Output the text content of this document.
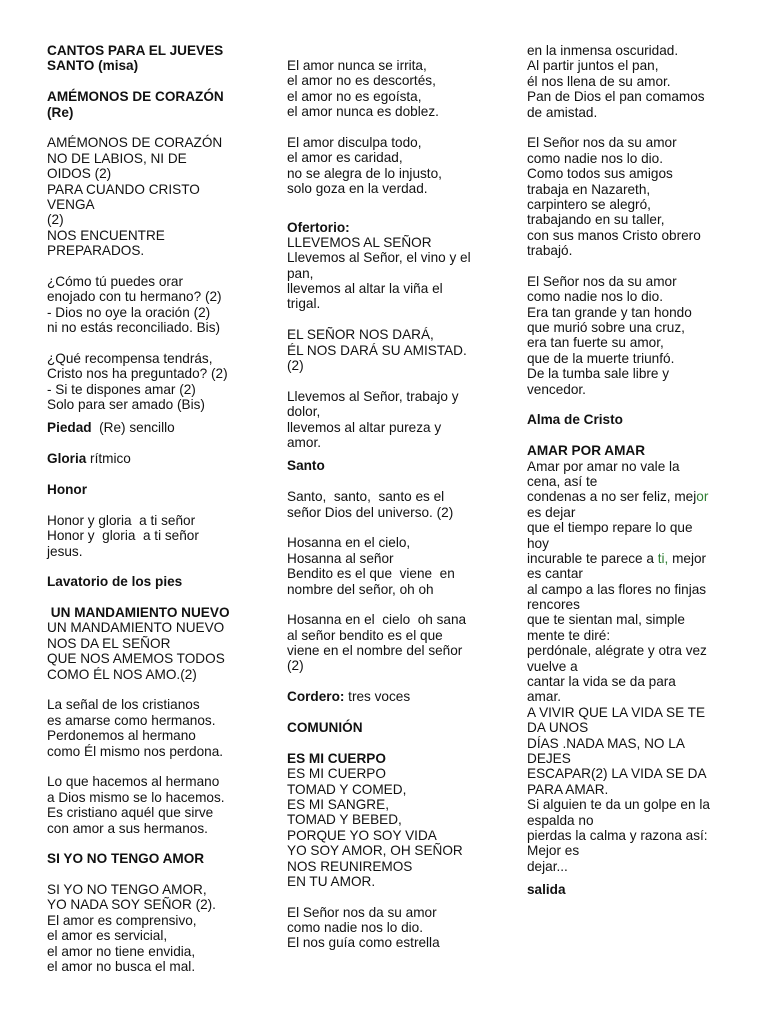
CANTOS PARA EL JUEVES
SANTO (misa)
AMÉMONOS DE CORAZÓN
(Re)
AMÉMONOS DE CORAZÓN
NO DE LABIOS, NI DE
OIDOS (2)
PARA CUANDO CRISTO
VENGA
(2)
NOS ENCUENTRE
PREPARADOS.
¿Cómo tú puedes orar
enojado con tu hermano? (2)
- Dios no oye la oración (2)
ni no estás reconciliado. Bis)
¿Qué recompensa tendrás,
Cristo nos ha preguntado? (2)
- Si te dispones amar (2)
Solo para ser amado (Bis)
Piedad  (Re) sencillo
Gloria rítmico
Honor
Honor y gloria  a ti señor
Honor y  gloria  a ti señor
jesus.
Lavatorio de los pies
UN MANDAMIENTO NUEVO
UN MANDAMIENTO NUEVO
NOS DA EL SEÑOR
QUE NOS AMEMOS TODOS
COMO ÉL NOS AMO.(2)
La señal de los cristianos
es amarse como hermanos.
Perdonemos al hermano
como Él mismo nos perdona.
Lo que hacemos al hermano
a Dios mismo se lo hacemos.
Es cristiano aquél que sirve
con amor a sus hermanos.
SI YO NO TENGO AMOR
SI YO NO TENGO AMOR,
YO NADA SOY SEÑOR (2).
El amor es comprensivo,
el amor es servicial,
el amor no tiene envidia,
el amor no busca el mal.
El amor nunca se irrita,
el amor no es descortés,
el amor no es egoísta,
el amor nunca es doblez.
El amor disculpa todo,
el amor es caridad,
no se alegra de lo injusto,
solo goza en la verdad.
Ofertorio:
LLEVEMOS AL SEÑOR
Llevemos al Señor, el vino y el
pan,
llevemos al altar la viña el
trigal.
EL SEÑOR NOS DARÁ,
ÉL NOS DARÁ SU AMISTAD.
(2)
Llevemos al Señor, trabajo y
dolor,
llevemos al altar pureza y
amor.
Santo
Santo,  santo,  santo es el
señor Dios del universo. (2)
Hosanna en el cielo,
Hosanna al señor
Bendito es el que  viene  en
nombre del señor, oh oh
Hosanna en el  cielo  oh sana
al señor bendito es el que
viene en el nombre del señor
(2)
Cordero: tres voces
COMUNIÓN
ES MI CUERPO
ES MI CUERPO
TOMAD Y COMED,
ES MI SANGRE,
TOMAD Y BEBED,
PORQUE YO SOY VIDA
YO SOY AMOR, OH SEÑOR
NOS REUNIREMOS
EN TU AMOR.
El Señor nos da su amor
como nadie nos lo dio.
El nos guía como estrella
en la inmensa oscuridad.
Al partir juntos el pan,
él nos llena de su amor.
Pan de Dios el pan comamos
de amistad.
El Señor nos da su amor
como nadie nos lo dio.
Como todos sus amigos
trabaja en Nazareth,
carpintero se alegró,
trabajando en su taller,
con sus manos Cristo obrero
trabajó.
El Señor nos da su amor
como nadie nos lo dio.
Era tan grande y tan hondo
que murió sobre una cruz,
era tan fuerte su amor,
que de la muerte triunfó.
De la tumba sale libre y
vencedor.
Alma de Cristo
AMAR POR AMAR
Amar por amar no vale la
cena, así te
condenas a no ser feliz, mejor
es dejar
que el tiempo repare lo que
hoy
incurable te parece a ti, mejor
es cantar
al campo a las flores no finjas
rencores
que te sientan mal, simple
mente te diré:
perdónale, alégrate y otra vez
vuelve a
cantar la vida se da para
amar.
A VIVIR QUE LA VIDA SE TE
DA UNOS
DÍAS .NADA MAS, NO LA
DEJES
ESCAPAR(2) LA VIDA SE DA
PARA AMAR.
Si alguien te da un golpe en la
espalda no
pierdas la calma y razona así:
Mejor es
dejar...
salida
